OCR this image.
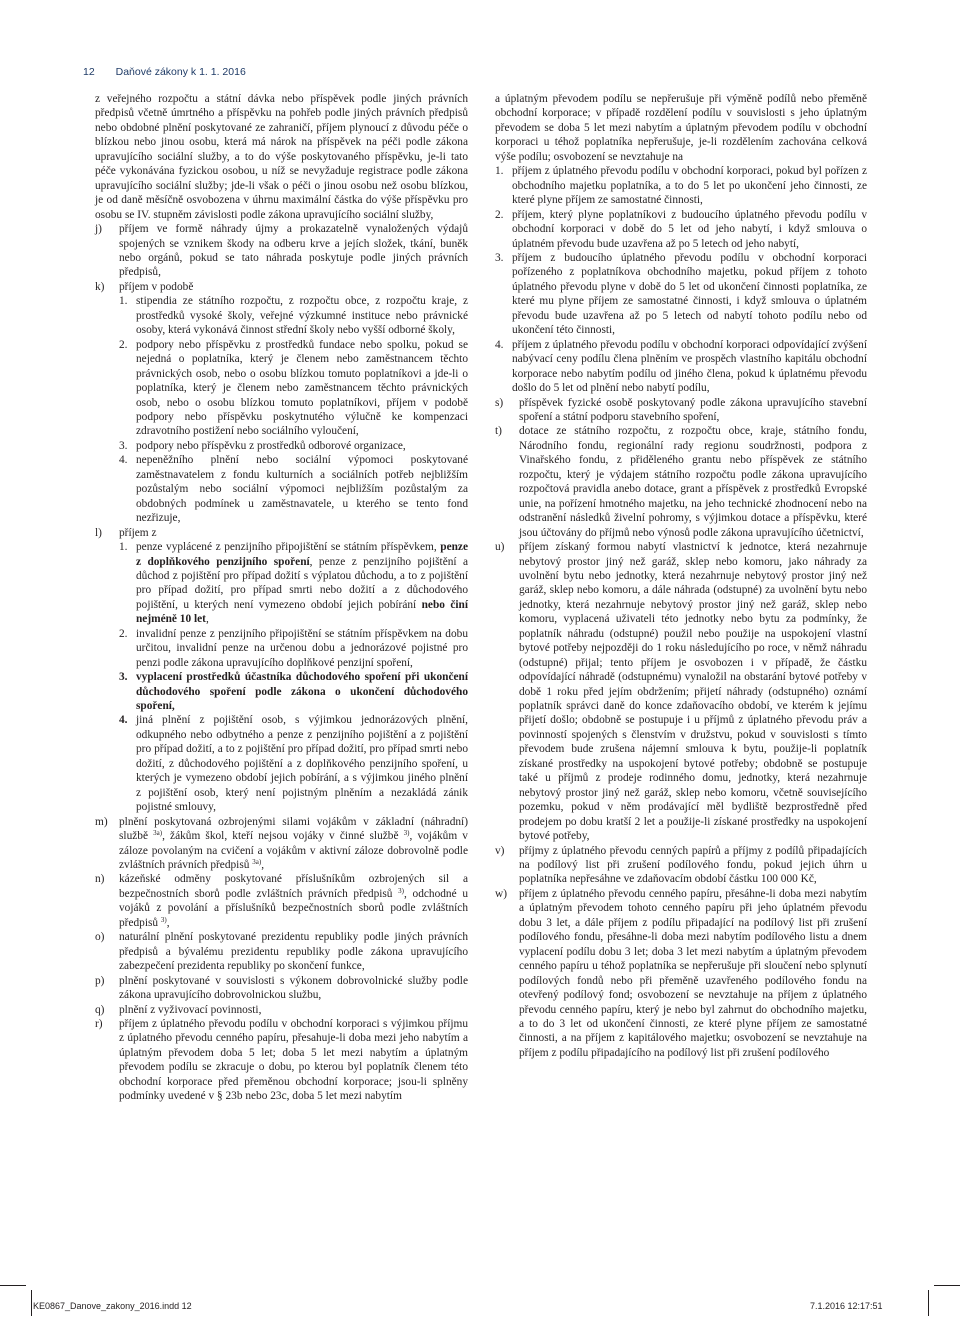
12 Daňové zákony k 1. 1. 2016

z veřejného rozpočtu a státní dávka nebo příspěvek podle jiných právních předpisů včetně úmrtného a příspěvku na pohřeb podle jiných právních předpisů nebo obdobné plnění poskytované ze zahraničí, příjem plynoucí z důvodu péče o blízkou nebo jinou osobu, která má nárok na příspěvek na péči podle zákona upravujícího sociální služby, a to do výše poskytovaného příspěvku, je-li tato péče vykonávána fyzickou osobou, u níž se nevyžaduje registrace podle zákona upravujícího sociální služby; jde-li však o péči o jinou osobu než osobu blízkou, je od daně měsíčně osvobozena v úhrnu maximální částka do výše příspěvku pro osobu se IV. stupněm závislosti podle zákona upravujícího sociální služby,

j) příjem ve formě náhrady újmy a prokazatelně vynaložených výdajů spojených se vznikem škody na odberu krve a jejích složek, tkání, buněk nebo orgánů, pokud se tato náhrada poskytuje podle jiných právních předpisů,

k) příjem v podobě

1. stipendia ze státního rozpočtu, z rozpočtu obce, z rozpočtu kraje, z prostředků vysoké školy, veřejné výzkumné instituce nebo právnické osoby, která vykonává činnost střední školy nebo vyšší odborné školy,

2. podpory nebo příspěvku z prostředků fundace nebo spolku, pokud se nejedná o poplatníka, který je členem nebo zaměstnancem těchto právnických osob, nebo o osobu blízkou tomuto poplatníkovi a jde-li o poplatníka, který je členem nebo zaměstnancem těchto právnických osob, nebo o osobu blízkou tomuto poplatníkovi, příjem v podobě podpory nebo příspěvku poskytnutého výlučně ke kompenzaci zdravotního postižení nebo sociálního vyloučení,

3. podpory nebo příspěvku z prostředků odborové organizace,

4. nepeněžního plnění nebo sociální výpomoci poskytované zaměstnavatelem z fondu kulturních a sociálních potřeb nejbližším pozůstalým nebo sociální výpomoci nejbližším pozůstalým za obdobných podmínek u zaměstnavatele, u kterého se tento fond nezřizuje,

l) příjem z

1. penze vyplácené z penzijního připojištění se státním příspěvkem, penze z doplňkového penzijního spoření, penze z penzijního pojištění a důchod z pojištění pro případ dožití s výplatou důchodu, a to z pojištění pro případ dožití, pro případ smrti nebo dožití a z důchodového pojištění, u kterých není vymezeno období jejich pobírání nebo činí nejméně 10 let,

2. invalidní penze z penzijního připojištění se státním příspěvkem na dobu určitou, invalidní penze na určenou dobu a jednorázové pojistné pro penzi podle zákona upravujícího doplňkové penzijní spoření,

3. vyplacení prostředků účastníka důchodového spoření při ukončení důchodového spoření podle zákona o ukončení důchodového spoření,

4. jiná plnění z pojištění osob, s výjimkou jednorázových plnění, odkupného nebo odbytného a penze z penzijního pojištění a z pojištění pro případ dožití, a to z pojištění pro případ dožití, pro případ smrti nebo dožití, z důchodového pojištění a z doplňkového penzijního spoření, u kterých je vymezeno období jejich pobírání, a s výjimkou jiného plnění z pojištění osob, který není pojistným plněním a nezakládá zánik pojistné smlouvy,

m) plnění poskytovaná ozbrojenými silami vojákům v základní (náhradní) službě $^{3a)}$, žákům škol, kteří nejsou vojáky v činné službě $^{3)}$, vojákům v záloze povolaným na cvičení a vojákům v aktivní záloze dobrovolně podle zvláštních právních předpisů $^{3a)}$,

n) kázeňské odměny poskytované příslušníkům ozbrojených sil a bezpečnostních sborů podle zvláštních právních předpisů $^{3)}$, odchodné u vojáků z povolání a příslušníků bezpečnostních sborů podle zvláštních předpisů $^{3)}$,

o) naturální plnění poskytované prezidentu republiky podle jiných právních předpisů a bývalému prezidentu republiky podle zákona upravujícího zabezpečení prezidenta republiky po skončení funkce,

p) plnění poskytované v souvislosti s výkonem dobrovolnické služby podle zákona upravujícího dobrovolnickou službu,

q) plnění z vyživovací povinnosti,

r) příjem z úplatného převodu podílu v obchodní korporaci s výjimkou příjmu z úplatného převodu cenného papíru, přesahuje-li doba mezi jeho nabytím a úplatným převodem doba 5 let; doba 5 let mezi nabytím a úplatným převodem podílu se zkracuje o dobu, po kterou byl poplatník členem této obchodní korporace před přeměnou obchodní korporace; jsou-li splněny podmínky uvedené v § 23b nebo 23c, doba 5 let mezi nabytím

a úplatným převodem podílu se nepřerušuje při výměně podílů nebo přeměně obchodní korporace; v případě rozdělení podílu v souvislosti s jeho úplatným převodem se doba 5 let mezi nabytím a úplatným převodem podílu v obchodní korporaci u téhož poplatníka nepřerušuje, je-li rozdělením zachována celková výše podílu; osvobození se nevztahuje na

1. příjem z úplatného převodu podílu v obchodní korporaci, pokud byl pořízen z obchodního majetku poplatníka, a to do 5 let po ukončení jeho činnosti, ze které plyne příjem ze samostatné činnosti,

2. příjem, který plyne poplatníkovi z budoucího úplatného převodu podílu v obchodní korporaci v době do 5 let od jeho nabytí, i když smlouva o úplatném převodu bude uzavřena až po 5 letech od jeho nabytí,

3. příjem z budoucího úplatného převodu podílu v obchodní korporaci pořízeného z poplatníkova obchodního majetku, pokud příjem z tohoto úplatného převodu plyne v době do 5 let od ukončení činnosti poplatníka, ze které mu plyne příjem ze samostatné činnosti, i když smlouva o úplatném převodu bude uzavřena až po 5 letech od nabytí tohoto podílu nebo od ukončení této činnosti,

4. příjem z úplatného převodu podílu v obchodní korporaci odpovídající zvýšení nabývací ceny podílu člena plněním ve prospěch vlastního kapitálu obchodní korporace nebo nabytím podílu od jiného člena, pokud k úplatnému převodu došlo do 5 let od plnění nebo nabytí podílu,

s) příspěvek fyzické osobě poskytovaný podle zákona upravujícího stavební spoření a státní podporu stavebního spoření,

t) dotace ze státního rozpočtu, z rozpočtu obce, kraje, státního fondu, Národního fondu, regionální rady regionu soudržnosti, podpora z Vinařského fondu, z přiděleného grantu nebo příspěvek ze státního rozpočtu, který je výdajem státního rozpočtu podle zákona upravujícího rozpočtová pravidla anebo dotace, grant a příspěvek z prostředků Evropské unie, na pořízení hmotného majetku, na jeho technické zhodnocení nebo na odstranění následků živelní pohromy, s výjimkou dotace a příspěvku, které jsou účtovány do příjmů nebo výnosů podle zákona upravujícího účetnictví,

u) příjem získaný formou nabytí vlastnictví k jednotce, která nezahrnuje nebytový prostor jiný než garáž, sklep nebo komoru, jako náhrady za uvolnění bytu nebo jednotky, která nezahrnuje nebytový prostor jiný než garáž, sklep nebo komoru, a dále náhrada (odstupné) za uvolnění bytu nebo jednotky, která nezahrnuje nebytový prostor jiný než garáž, sklep nebo komoru, vyplacená uživateli této jednotky nebo bytu za podmínky, že poplatník náhradu (odstupné) použil nebo použije na uspokojení vlastní bytové potřeby nejpozději do 1 roku následujícího po roce, v němž náhradu (odstupné) přijal; tento příjem je osvobozen i v případě, že částku odpovídající náhradě (odstupnému) vynaložil na obstarání bytové potřeby v době 1 roku před jejím obdržením; přijetí náhrady (odstupného) oznámí poplatník správci daně do konce zdaňovacího období, ve kterém k jejímu přijetí došlo; obdobně se postupuje i u příjmů z úplatného převodu práv a povinností spojených s členstvím v družstvu, pokud v souvislosti s tímto převodem bude zrušena nájemní smlouva k bytu, použije-li poplatník získané prostředky na uspokojení bytové potřeby; obdobně se postupuje také u příjmů z prodeje rodinného domu, jednotky, která nezahrnuje nebytový prostor jiný než garáž, sklep nebo komoru, včetně souvisejícího pozemku, pokud v něm prodávající měl bydliště bezprostředně před prodejem po dobu kratší 2 let a použije-li získané prostředky na uspokojení bytové potřeby,

v) příjmy z úplatného převodu cenných papírů a příjmy z podílů připadajících na podílový list při zrušení podílového fondu, pokud jejich úhrn u poplatníka nepřesáhne ve zdaňovacím období částku 100 000 Kč,

w) příjem z úplatného převodu cenného papíru, přesáhne-li doba mezi nabytím a úplatným převodem tohoto cenného papíru při jeho úplatném převodu dobu 3 let, a dále příjem z podílu připadající na podílový list při zrušení podílového fondu, přesáhne-li doba mezi nabytím podílového listu a dnem vyplacení podílu dobu 3 let; doba 3 let mezi nabytím a úplatným převodem cenného papíru u téhož poplatníka se nepřerušuje při sloučení nebo splynutí podílových fondů nebo při přeměně uzavřeného podílového fondu na otevřený podílový fond; osvobození se nevztahuje na příjem z úplatného převodu cenného papíru, který je nebo byl zahrnut do obchodního majetku, a to do 3 let od ukončení činnosti, ze které plyne příjem ze samostatné činnosti, a na příjem z kapitálového majetku; osvobození se nevztahuje na příjem z podílu připadajícího na podílový list při zrušení podílového

KE0867_Danove_zakony_2016.indd 12	7.1.2016 12:17:51
